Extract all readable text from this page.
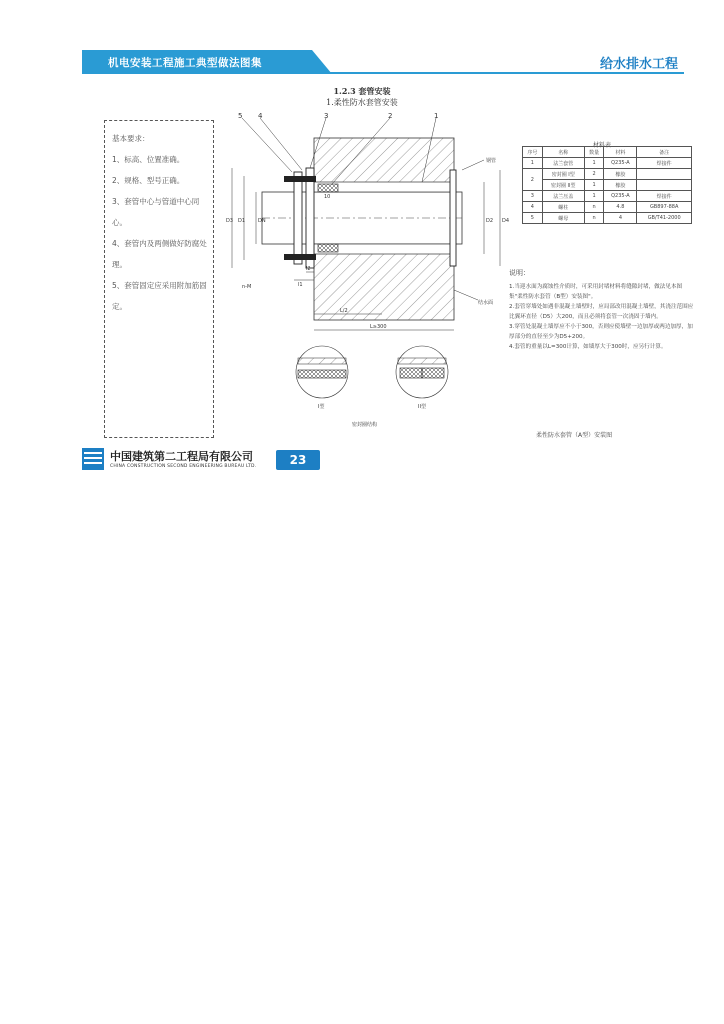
机电安装工程施工典型做法图集	给水排水工程
1.2.3 套管安装
1.柔性防水套管安装
基本要求：
1、标高、位置准确。
2、规格、型号正确。
3、套管中心与管道中心同心。
4、套管内及两侧做好防腐处理。
5、套管固定应采用附加筋固定。
5 4	3	2	1
钢管
结水面
L≥300
L/2
10
l1
l2
D3 D1	D2 D4
DN
n-M
I型	II型
密封圈结构
材料表
序号	名称	数量	材料	备注
1	法兰套管	1	Q235-A	焊接件
2	密封圈 I型	2	橡胶	
	密封圈 II型	1	橡胶	
3	法兰压盖	1	Q235-A	焊接件
4	螺柱	n	4.8	GB897-88A
5	螺母	n	4	GB/T41-2000
说明：
1.当迎水面为腐蚀性介质时，可采用封堵材料将缝隙封堵，做法见本图集"柔性防水套管（B型）安装图"。
2.套管穿墙处如遇非混凝土墙壁时，应局部改用混凝土墙壁，其浇注范围应比翼环直径（D5）大200，而且必须将套管一次浇固于墙内。
3.穿管处混凝土墙厚应不小于300，否则应使墙壁一边加厚或两边加厚，加厚部分的直径至少为D5+200。
4.套管的重量以L=300计算，如墙厚大于300时，应另行计算。
柔性防水套管（A型）安装图
中国建筑第二工程局有限公司
CHINA CONSTRUCTION SECOND ENGINEERING BUREAU LTD.	23
